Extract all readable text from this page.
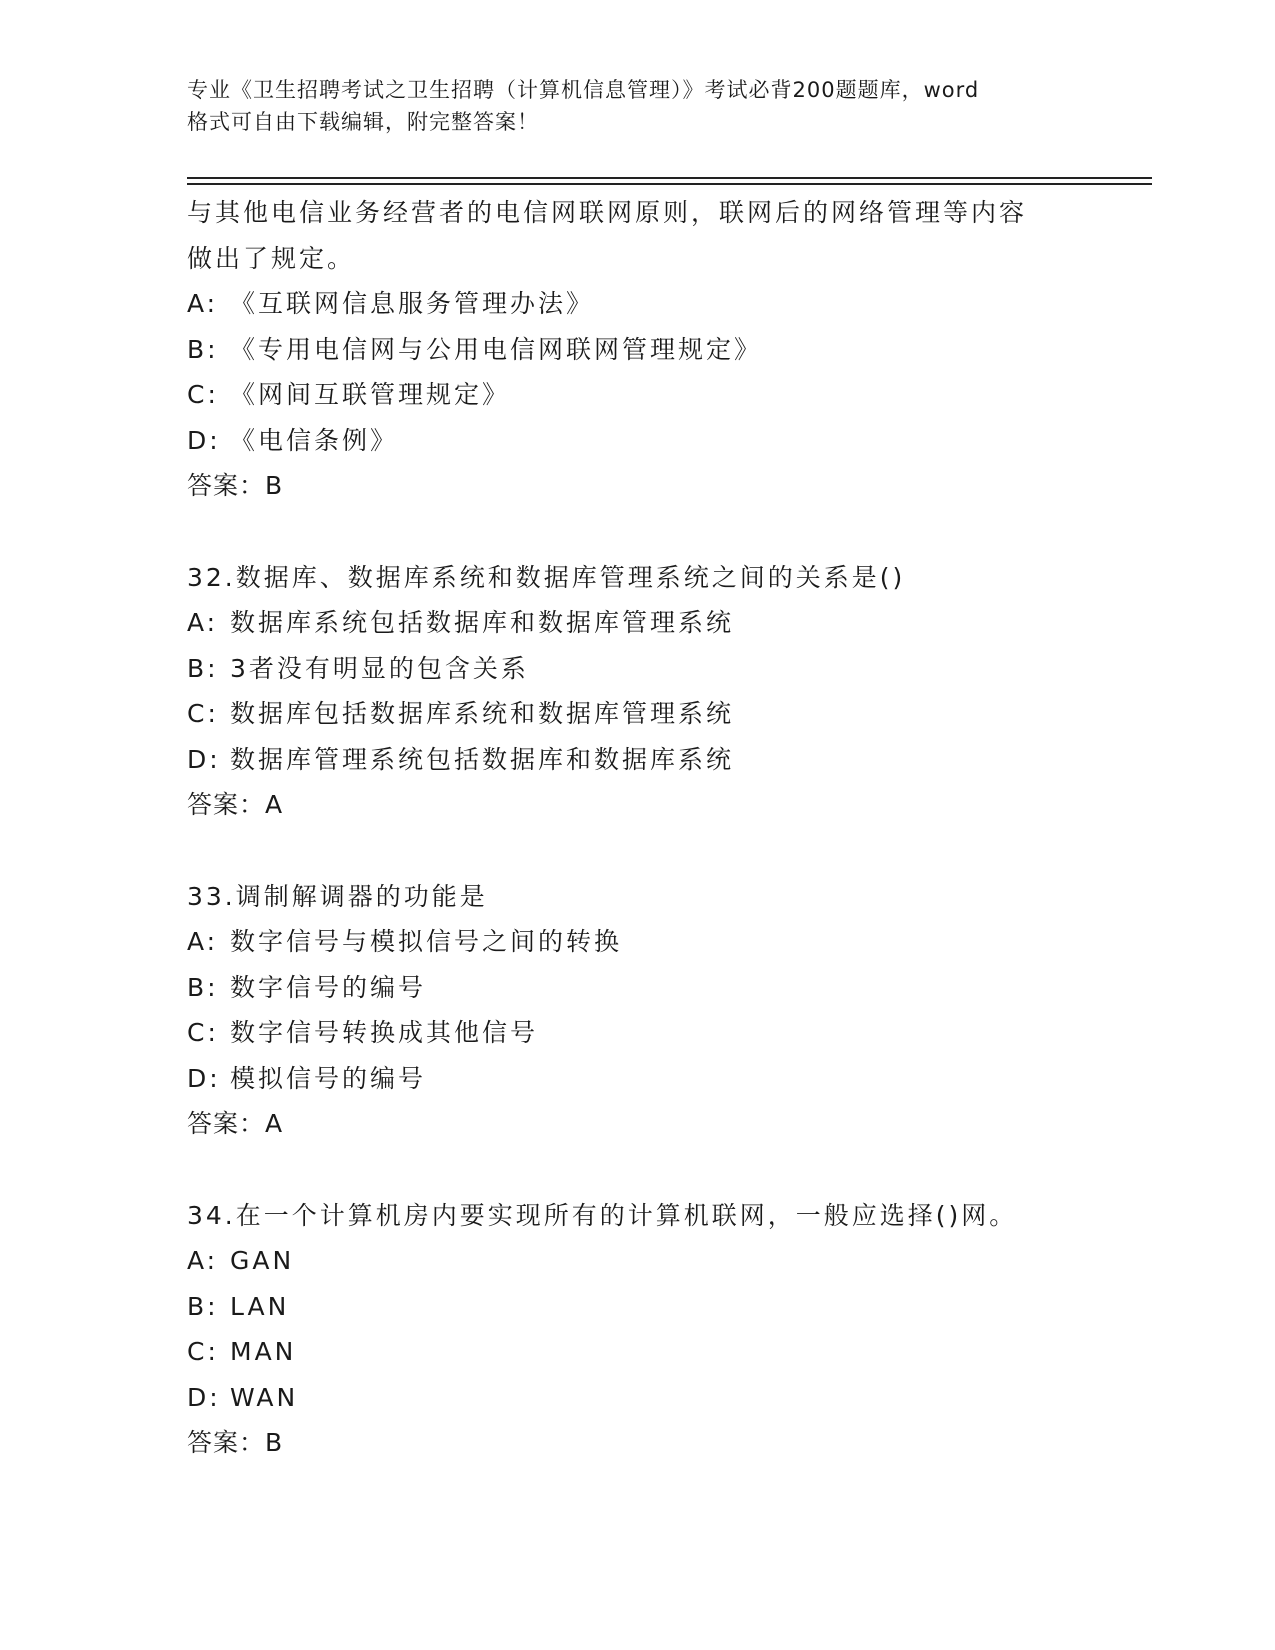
专业《卫生招聘考试之卫生招聘（计算机信息管理）》考试必背200题题库，word
格式可自由下载编辑，附完整答案！
与其他电信业务经营者的电信网联网原则，联网后的网络管理等内容
做出了规定。
A: 《互联网信息服务管理办法》
B: 《专用电信网与公用电信网联网管理规定》
C: 《网间互联管理规定》
D: 《电信条例》
答案：B
32.数据库、数据库系统和数据库管理系统之间的关系是()
A: 数据库系统包括数据库和数据库管理系统
B: 3者没有明显的包含关系
C: 数据库包括数据库系统和数据库管理系统
D: 数据库管理系统包括数据库和数据库系统
答案：A
33.调制解调器的功能是
A: 数字信号与模拟信号之间的转换
B: 数字信号的编号
C: 数字信号转换成其他信号
D: 模拟信号的编号
答案：A
34.在一个计算机房内要实现所有的计算机联网，一般应选择()网。
A: GAN
B: LAN
C: MAN
D: WAN
答案：B
